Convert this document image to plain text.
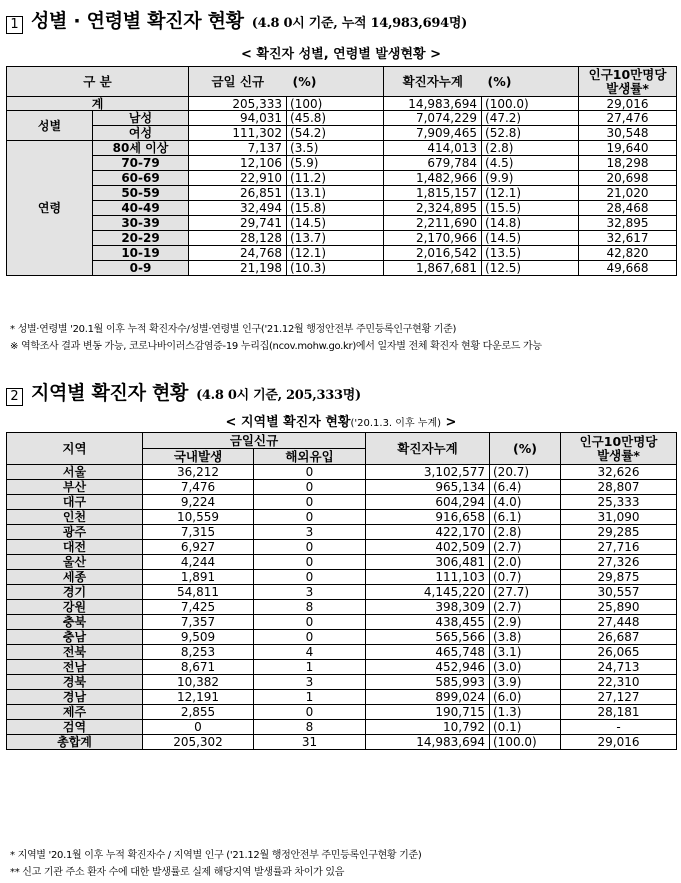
1 성별 · 연령별 확진자 현황 (4.8 0시 기준, 누적 14,983,694명)
< 확진자 성별, 연령별 발생현황 >
구 분		금일 신규	(%)	확진자누계	(%)	인구10만명당
발생률*

계		205,333	(100)	14,983,694	(100.0)	29,016
성별	남성	94,031	(45.8)	7,074,229	(47.2)	27,476
	여성	111,302	(54.2)	7,909,465	(52.8)	30,548
연령	80세 이상	7,137	(3.5)	414,013	(2.8)	19,640
	70-79	12,106	(5.9)	679,784	(4.5)	18,298
	60-69	22,910	(11.2)	1,482,966	(9.9)	20,698
	50-59	26,851	(13.1)	1,815,157	(12.1)	21,020
	40-49	32,494	(15.8)	2,324,895	(15.5)	28,468
	30-39	29,741	(14.5)	2,211,690	(14.8)	32,895
	20-29	28,128	(13.7)	2,170,966	(14.5)	32,617
	10-19	24,768	(12.1)	2,016,542	(13.5)	42,820
	0-9	21,198	(10.3)	1,867,681	(12.5)	49,668
* 성별·연령별 '20.1월 이후 누적 확진자수/성별·연령별 인구('21.12월 행정안전부 주민등록인구현황 기준)
※ 역학조사 결과 변동 가능, 코로나바이러스감염증-19 누리집(ncov.mohw.go.kr)에서 일자별 전체 확진자 현황 다운로드 가능
2 지역별 확진자 현황 (4.8 0시 기준, 205,333명)
< 지역별 확진자 현황('20.1.3. 이후 누계) >
지역	금일신규		확진자누계	(%)	인구10만명당
발생률*

	국내발생	해외유입			
서울	36,212	0	3,102,577	(20.7)	32,626
부산	7,476	0	965,134	(6.4)	28,807
대구	9,224	0	604,294	(4.0)	25,333
인천	10,559	0	916,658	(6.1)	31,090
광주	7,315	3	422,170	(2.8)	29,285
대전	6,927	0	402,509	(2.7)	27,716
울산	4,244	0	306,481	(2.0)	27,326
세종	1,891	0	111,103	(0.7)	29,875
경기	54,811	3	4,145,220	(27.7)	30,557
강원	7,425	8	398,309	(2.7)	25,890
충북	7,357	0	438,455	(2.9)	27,448
충남	9,509	0	565,566	(3.8)	26,687
전북	8,253	4	465,748	(3.1)	26,065
전남	8,671	1	452,946	(3.0)	24,713
경북	10,382	3	585,993	(3.9)	22,310
경남	12,191	1	899,024	(6.0)	27,127
제주	2,855	0	190,715	(1.3)	28,181
검역	0	8	10,792	(0.1)	-
총합계	205,302	31	14,983,694	(100.0)	29,016
* 지역별 '20.1월 이후 누적 확진자수 / 지역별 인구 ('21.12월 행정안전부 주민등록인구현황 기준)
** 신고 기관 주소 환자 수에 대한 발생률로 실제 해당지역 발생률과 차이가 있음
